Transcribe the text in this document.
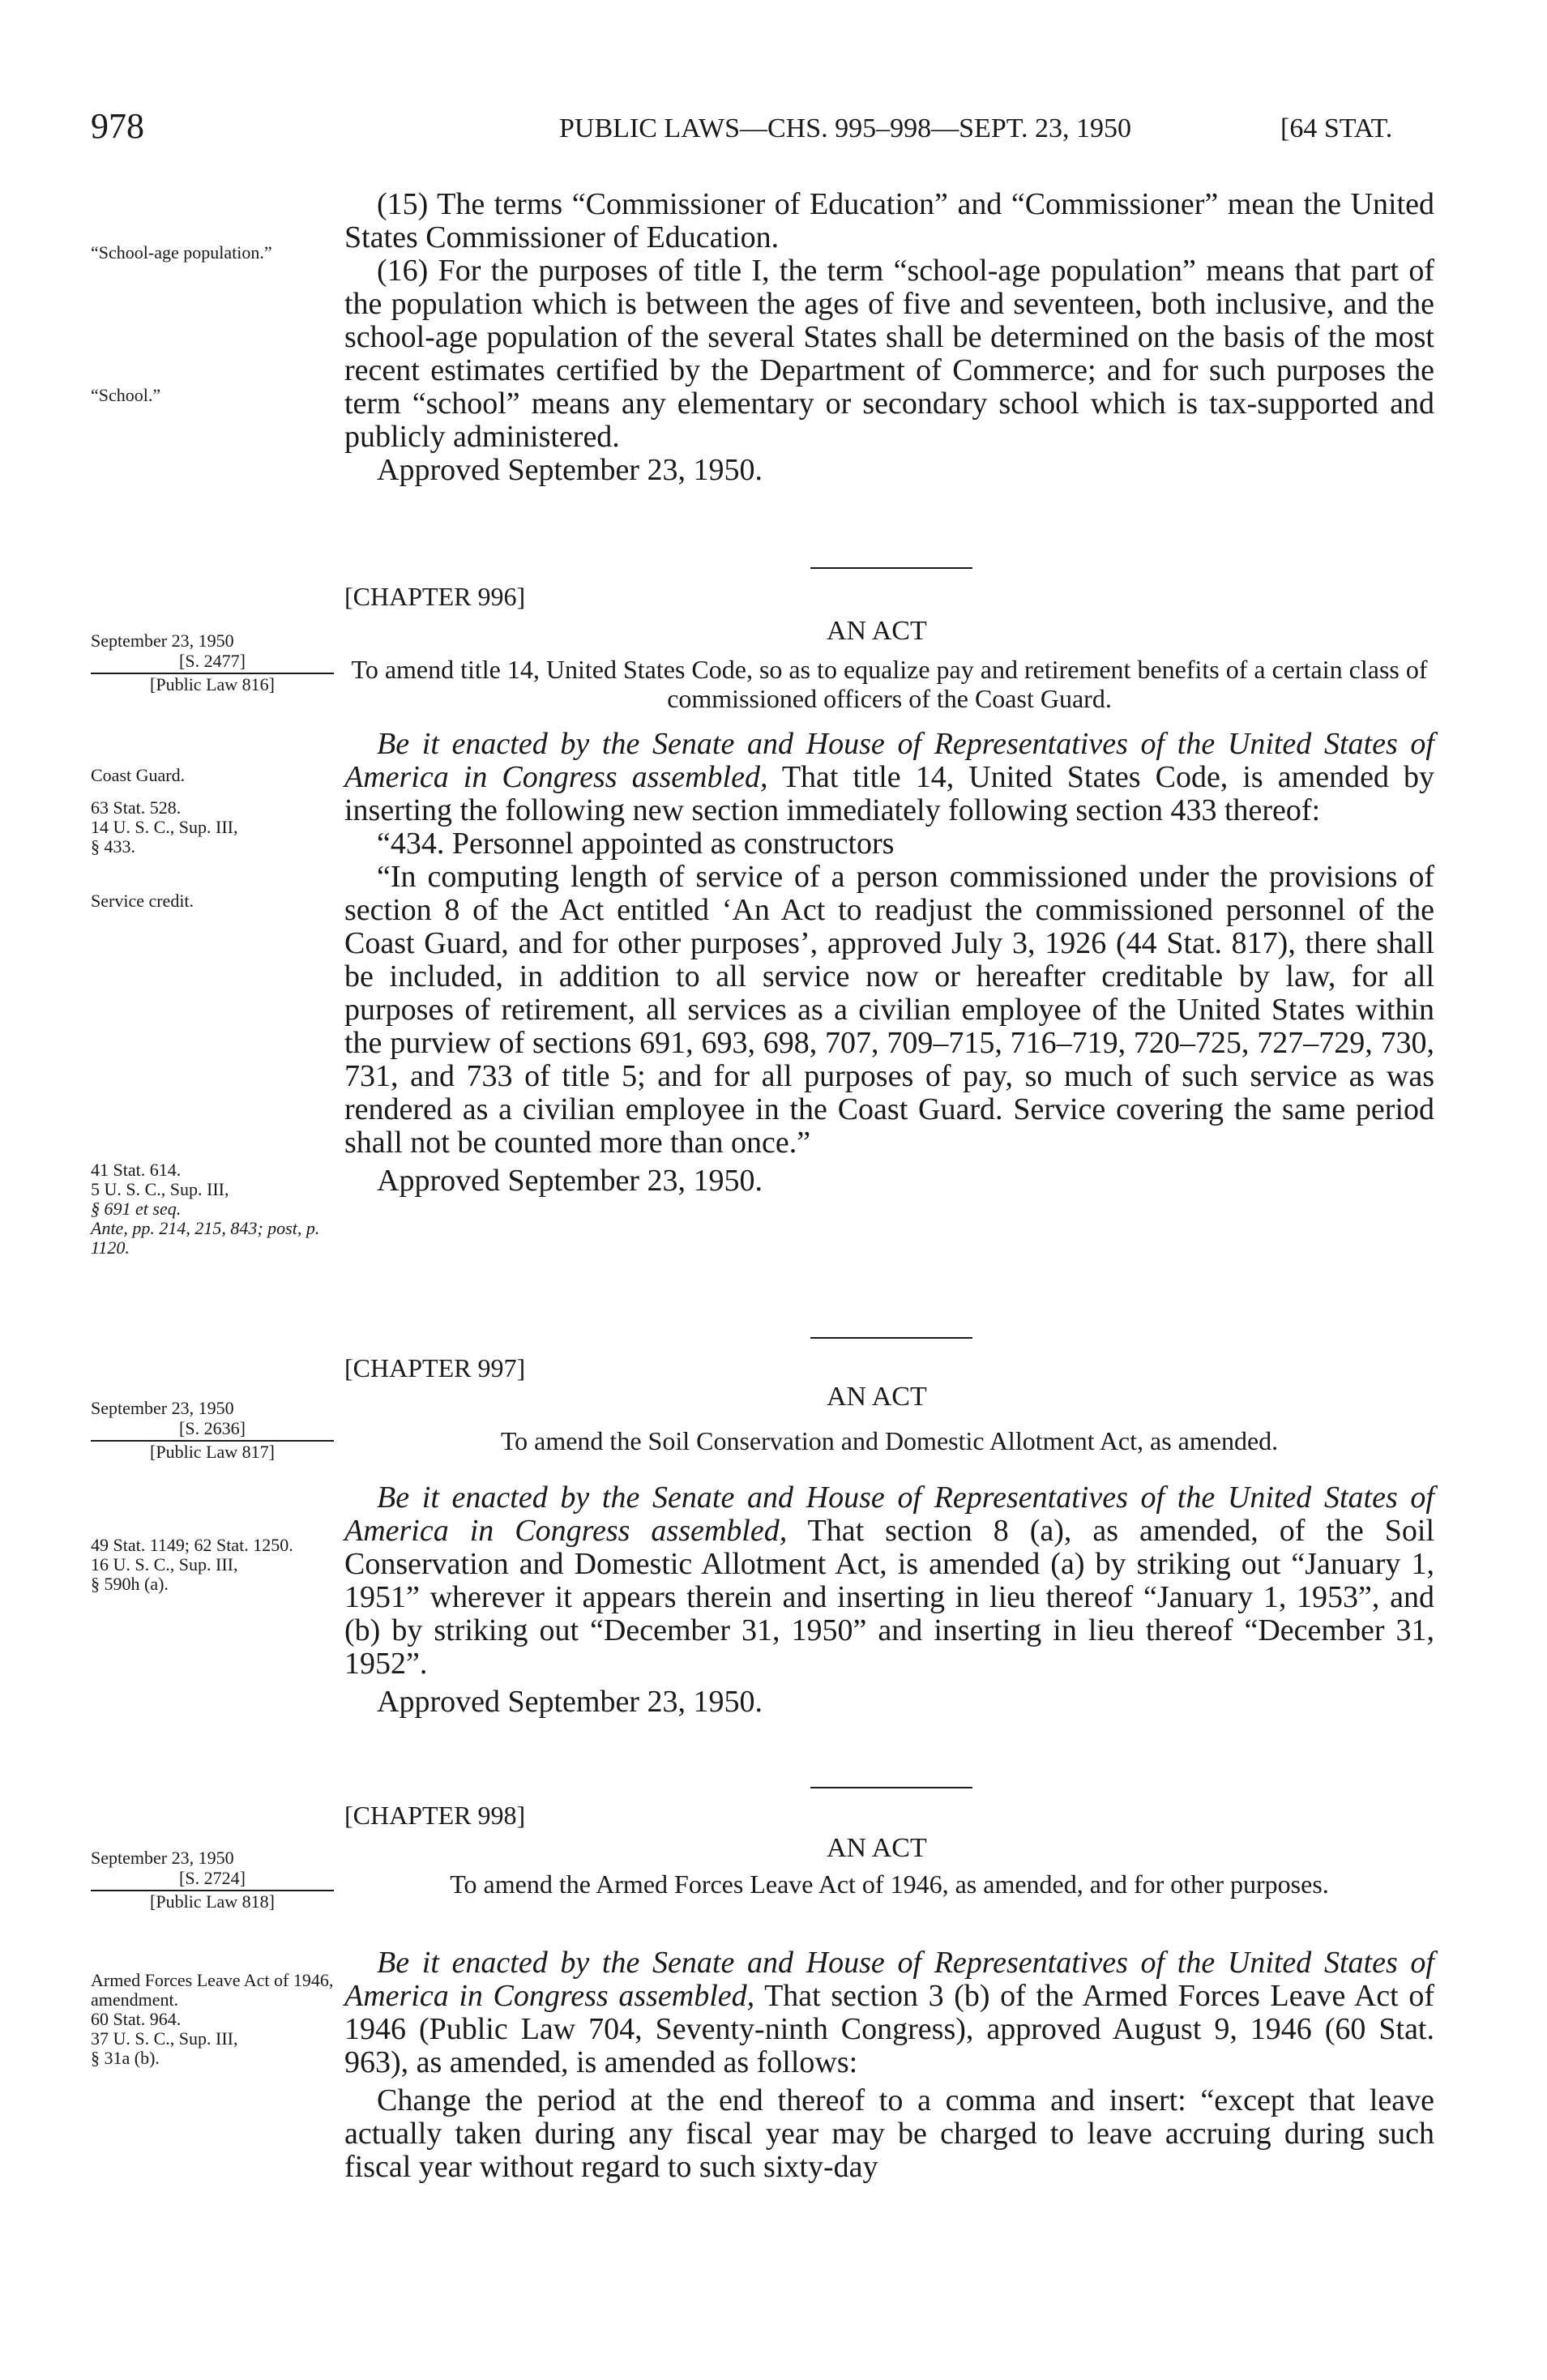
978	PUBLIC LAWS—CHS. 995–998—SEPT. 23, 1950	[64 STAT.

(15) The terms “Commissioner of Education” and “Commissioner” mean the United States Commissioner of Education.

(16) For the purposes of title I, the term “school-age population” means that part of the population which is between the ages of five and seventeen, both inclusive, and the school-age population of the several States shall be determined on the basis of the most recent estimates certified by the Department of Commerce; and for such purposes the term “school” means any elementary or secondary school which is tax-supported and publicly administered.

Approved September 23, 1950.

“School-age population.”
“School.”
[CHAPTER 996]
AN ACT

September 23, 1950

[S. 2477]

[Public Law 816]

To amend title 14, United States Code, so as to equalize pay and retirement benefits of a certain class of commissioned officers of the Coast Guard.

Be it enacted by the Senate and House of Representatives of the United States of America in Congress assembled, That title 14, United States Code, is amended by inserting the following new section immediately following section 433 thereof:

“434. Personnel appointed as constructors

“In computing length of service of a person commissioned under the provisions of section 8 of the Act entitled ‘An Act to readjust the commissioned personnel of the Coast Guard, and for other purposes’, approved July 3, 1926 (44 Stat. 817), there shall be included, in addition to all service now or hereafter creditable by law, for all purposes of retirement, all services as a civilian employee of the United States within the purview of sections 691, 693, 698, 707, 709–715, 716–719, 720–725, 727–729, 730, 731, and 733 of title 5; and for all purposes of pay, so much of such service as was rendered as a civilian employee in the Coast Guard. Service covering the same period shall not be counted more than once.”

Approved September 23, 1950.

Coast Guard.

63 Stat. 528.

14 U. S. C., Sup. III,

§ 433.

Service credit.

41 Stat. 614.

5 U. S. C., Sup. III,

§ 691 et seq.

Ante, pp. 214, 215, 843; post, p. 1120.

[CHAPTER 997]
AN ACT

September 23, 1950

[S. 2636]

[Public Law 817]	To amend the Soil Conservation and Domestic Allotment Act, as amended.

Be it enacted by the Senate and House of Representatives of the United States of America in Congress assembled, That section 8 (a), as amended, of the Soil Conservation and Domestic Allotment Act, is amended (a) by striking out “January 1, 1951” wherever it appears therein and inserting in lieu thereof “January 1, 1953”, and (b) by striking out “December 31, 1950” and inserting in lieu thereof “December 31, 1952”.

Approved September 23, 1950.

49 Stat. 1149; 62 Stat. 1250.

16 U. S. C., Sup. III,

§ 590h (a).

[CHAPTER 998]
AN ACT

September 23, 1950

[S. 2724]

[Public Law 818]

To amend the Armed Forces Leave Act of 1946, as amended, and for other purposes.

Be it enacted by the Senate and House of Representatives of the United States of America in Congress assembled, That section 3 (b) of the Armed Forces Leave Act of 1946 (Public Law 704, Seventy-ninth Congress), approved August 9, 1946 (60 Stat. 963), as amended, is amended as follows:

Change the period at the end thereof to a comma and insert: “except that leave actually taken during any fiscal year may be charged to leave accruing during such fiscal year without regard to such sixty-day

Armed Forces Leave Act of 1946, amendment.

60 Stat. 964.

37 U. S. C., Sup. III,

§ 31a (b).
